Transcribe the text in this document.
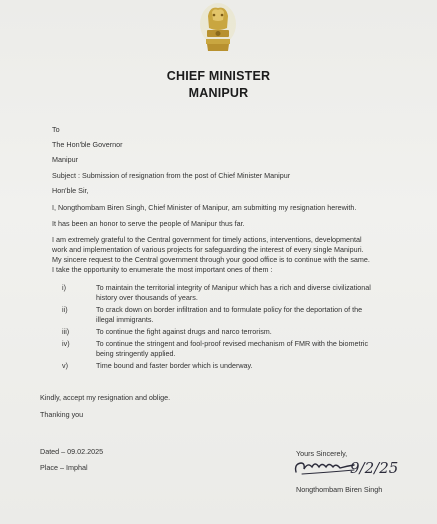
CHIEF MINISTER
MANIPUR
To
The Hon'ble Governor
Manipur
Subject : Submission of resignation from the post of Chief Minister Manipur
Hon'ble Sir,
I, Nongthombam Biren Singh, Chief Minister of Manipur, am submitting my resignation herewith.
It has been an honor to serve the people of Manipur thus far.
I am extremely grateful to the Central government for timely actions, interventions, developmental
work and implementation of various projects for safeguarding the interest of every single Manipuri.
My sincere request to the Central government through your good office is to continue with the same.
I take the opportunity to enumerate the most important ones of them :
i)	To maintain the territorial integrity of Manipur which has a rich and diverse civilizational
history over thousands of years.
ii)	To crack down on border infiltration and to formulate policy for the deportation of the
illegal immigrants.
iii)	To continue the fight against drugs and narco terrorism.
iv)	To continue the stringent and fool-proof revised mechanism of FMR with the biometric
being stringently applied.
v)	Time bound and faster border which is underway.
Kindly, accept my resignation and oblige.
Thanking you
Dated – 09.02.2025
Place – Imphal
Yours Sincerely,
9/2/25
Nongthombam Biren Singh
